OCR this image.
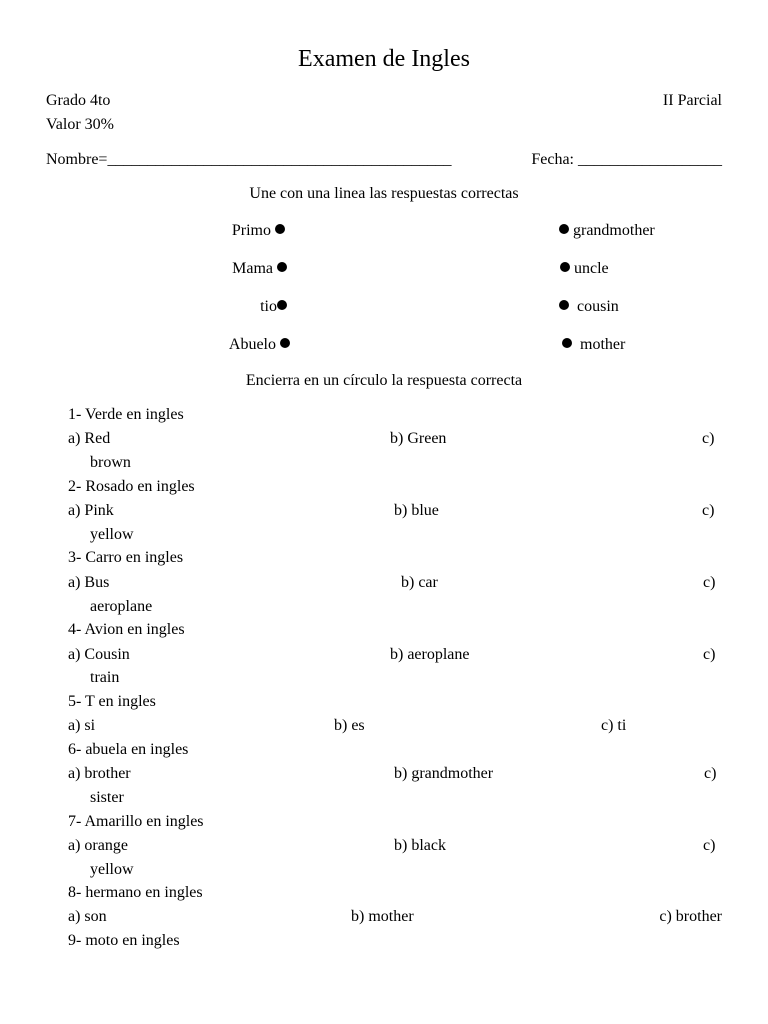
Examen de Ingles
Grado 4to
Valor 30%
II Parcial
Nombre=___________________________________________	Fecha: __________________
Une con una linea las respuestas correctas
Primo
Mama
tio
Abuelo
grandmother
uncle
cousin
mother
Encierra en un círculo la respuesta correcta
1- Verde en ingles
a) Red	b) Green	c)
brown
2- Rosado en ingles
a) Pink	b) blue	c)
yellow
3- Carro en ingles
a) Bus	b) car	c)
aeroplane
4- Avion en ingles
a) Cousin	b) aeroplane	c)
train
5- T en ingles
a) si	b) es	c) ti
6- abuela en ingles
a) brother	b) grandmother	c)
sister
7- Amarillo en ingles
a) orange	b) black	c)
yellow
8- hermano en ingles
a) son	b) mother	c) brother
9- moto en ingles
